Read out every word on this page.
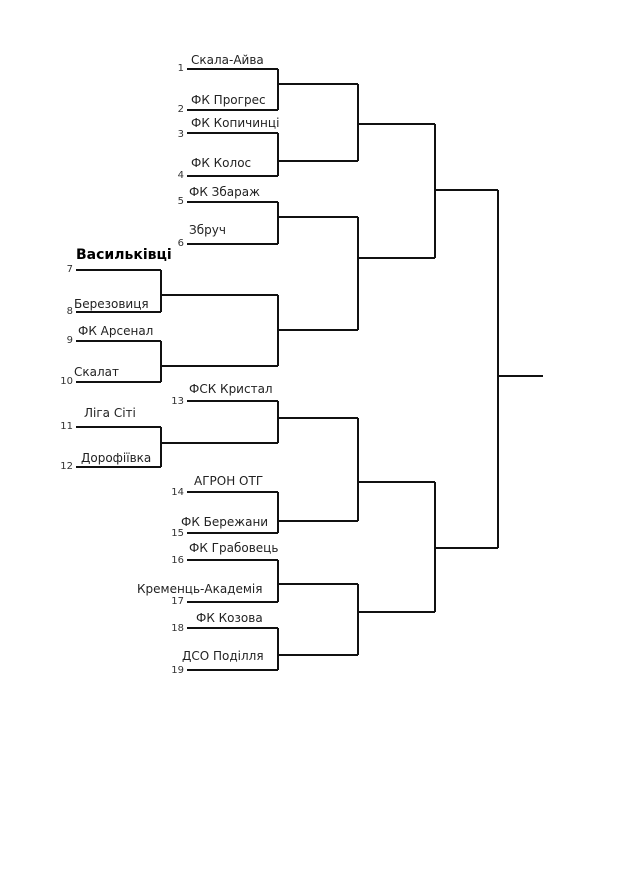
1
2
3
4
5
6
7
8
9
10
11
12
13
14
15
16
17
18
19
Скала-Айва
ФК Прогрес
ФК Копичинці
ФК Колос
ФК Збараж
Збруч
Васильківці
Березовиця
ФК Арсенал
Скалат
Ліга Сіті
Дорофіївка
ФСК Кристал
АГРОН ОТГ
ФК Бережани
ФК Грабовець
Кременць-Академія
ФК Козова
ДСО Поділля
